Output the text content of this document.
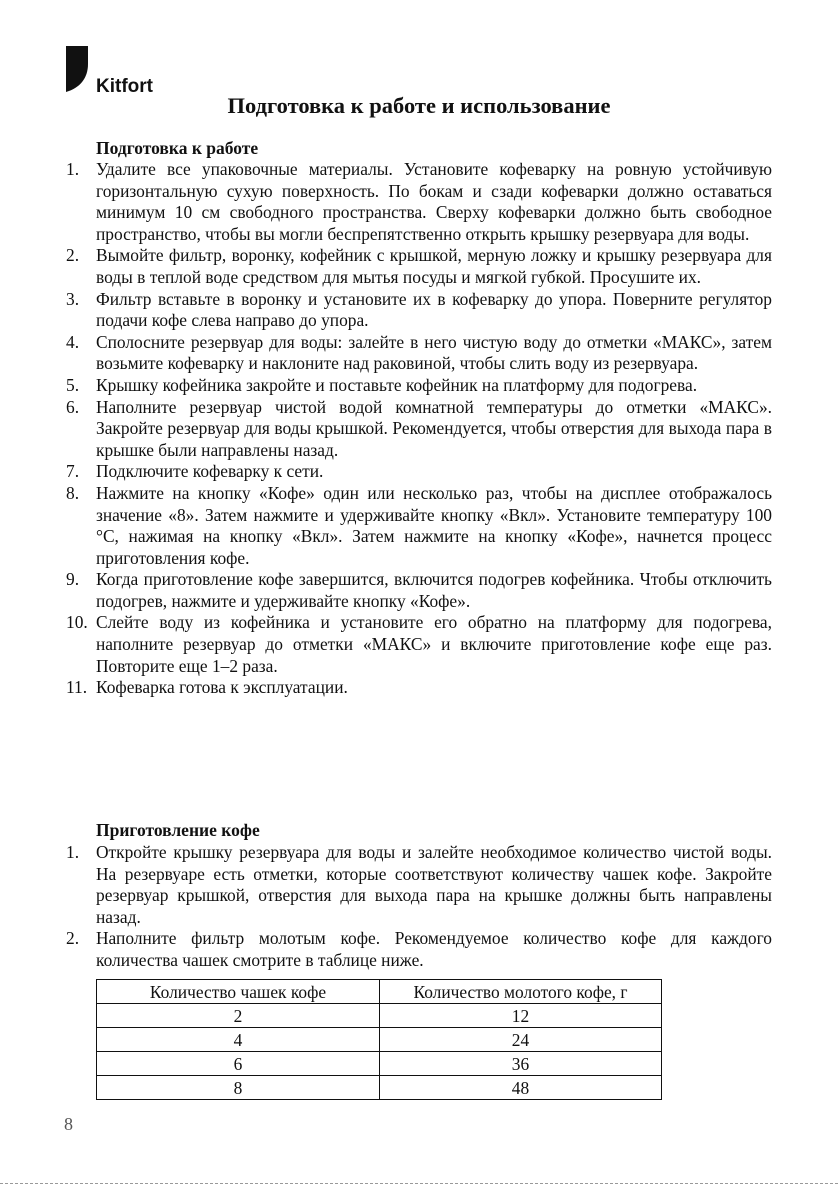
Kitfort
Подготовка к работе и использование
Подготовка к работе
1. Удалите все упаковочные материалы. Установите кофеварку на ровную устойчивую горизонтальную сухую поверхность. По бокам и сзади кофеварки должно оставаться минимум 10 см свободного пространства. Сверху кофеварки должно быть свободное пространство, чтобы вы могли беспрепятственно открыть крышку резервуара для воды.
2. Вымойте фильтр, воронку, кофейник с крышкой, мерную ложку и крышку резервуара для воды в теплой воде средством для мытья посуды и мягкой губкой. Просушите их.
3. Фильтр вставьте в воронку и установите их в кофеварку до упора. Поверните регулятор подачи кофе слева направо до упора.
4. Сполосните резервуар для воды: залейте в него чистую воду до отметки «МАКС», затем возьмите кофеварку и наклоните над раковиной, чтобы слить воду из резервуара.
5. Крышку кофейника закройте и поставьте кофейник на платформу для подогрева.
6. Наполните резервуар чистой водой комнатной температуры до отметки «МАКС». Закройте резервуар для воды крышкой. Рекомендуется, чтобы отверстия для выхода пара в крышке были направлены назад.
7. Подключите кофеварку к сети.
8. Нажмите на кнопку «Кофе» один или несколько раз, чтобы на дисплее отображалось значение «8». Затем нажмите и удерживайте кнопку «Вкл». Установите температуру 100 °C, нажимая на кнопку «Вкл». Затем нажмите на кнопку «Кофе», начнется процесс приготовления кофе.
9. Когда приготовление кофе завершится, включится подогрев кофейника. Чтобы отключить подогрев, нажмите и удерживайте кнопку «Кофе».
10. Слейте воду из кофейника и установите его обратно на платформу для подогрева, наполните резервуар до отметки «МАКС» и включите приготовление кофе еще раз. Повторите еще 1–2 раза.
11. Кофеварка готова к эксплуатации.
Приготовление кофе
1. Откройте крышку резервуара для воды и залейте необходимое количество чистой воды. На резервуаре есть отметки, которые соответствуют количеству чашек кофе. Закройте резервуар крышкой, отверстия для выхода пара на крышке должны быть направлены назад.
2. Наполните фильтр молотым кофе. Рекомендуемое количество кофе для каждого количества чашек смотрите в таблице ниже.
Количество чашек кофе	Количество молотого кофе, г
2	12
4	24
6	36
8	48
8
